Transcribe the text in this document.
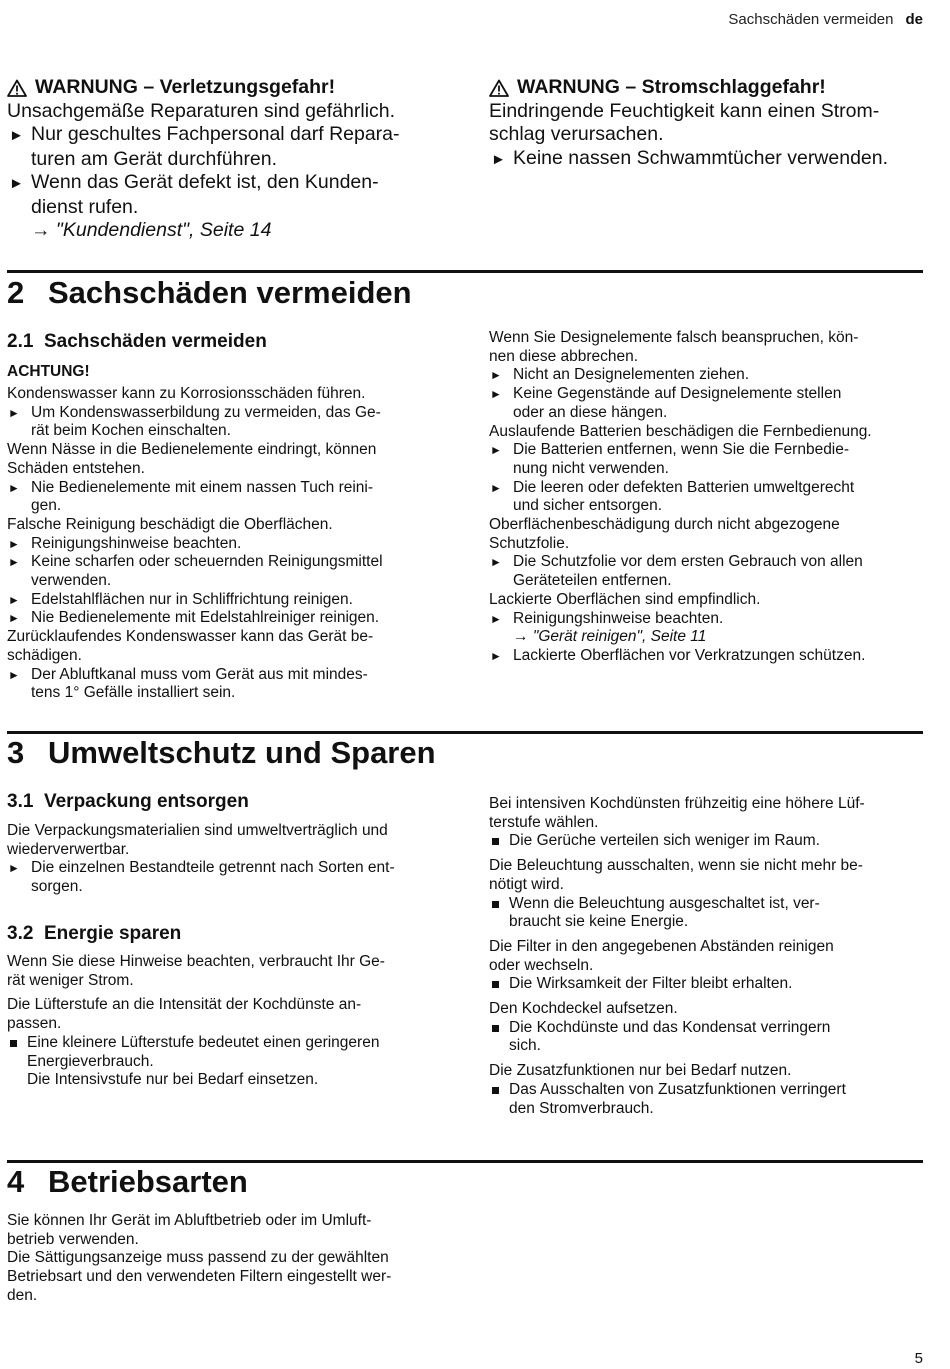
Sachschäden vermeiden de
WARNUNG – Verletzungsgefahr!

Unsachgemäße Reparaturen sind gefährlich.

► Nur geschultes Fachpersonal darf Repara-

turen am Gerät durchführen.

► Wenn das Gerät defekt ist, den Kunden-

dienst rufen.

→ "Kundendienst", Seite 14

WARNUNG – Stromschlaggefahr!

Eindringende Feuchtigkeit kann einen Strom-

schlag verursachen.

► Keine nassen Schwammtücher verwenden.

2 Sachschäden vermeiden
2.1 Sachschäden vermeiden
ACHTUNG!
Kondenswasser kann zu Korrosionsschäden führen.
► Um Kondenswasserbildung zu vermeiden, das Ge-
rät beim Kochen einschalten.
Wenn Nässe in die Bedienelemente eindringt, können
Schäden entstehen.
► Nie Bedienelemente mit einem nassen Tuch reini-
gen.
Falsche Reinigung beschädigt die Oberflächen.
► Reinigungshinweise beachten.
► Keine scharfen oder scheuernden Reinigungsmittel
verwenden.
► Edelstahlflächen nur in Schliffrichtung reinigen.
► Nie Bedienelemente mit Edelstahlreiniger reinigen.
Zurücklaufendes Kondenswasser kann das Gerät be-
schädigen.
► Der Abluftkanal muss vom Gerät aus mit mindes-
tens 1° Gefälle installiert sein.
Wenn Sie Designelemente falsch beanspruchen, kön-
nen diese abbrechen.
► Nicht an Designelementen ziehen.
► Keine Gegenstände auf Designelemente stellen
oder an diese hängen.
Auslaufende Batterien beschädigen die Fernbedienung.
► Die Batterien entfernen, wenn Sie die Fernbedie-
nung nicht verwenden.
► Die leeren oder defekten Batterien umweltgerecht
und sicher entsorgen.
Oberflächenbeschädigung durch nicht abgezogene
Schutzfolie.
► Die Schutzfolie vor dem ersten Gebrauch von allen
Geräteteilen entfernen.
Lackierte Oberflächen sind empfindlich.
► Reinigungshinweise beachten.
→ "Gerät reinigen", Seite 11
► Lackierte Oberflächen vor Verkratzungen schützen.
3 Umweltschutz und Sparen
3.1 Verpackung entsorgen
Die Verpackungsmaterialien sind umweltverträglich und
wiederverwertbar.
► Die einzelnen Bestandteile getrennt nach Sorten ent-
sorgen.
3.2 Energie sparen
Wenn Sie diese Hinweise beachten, verbraucht Ihr Ge-
rät weniger Strom.
Die Lüfterstufe an die Intensität der Kochdünste an-
passen.
Eine kleinere Lüfterstufe bedeutet einen geringeren
Energieverbrauch.
Die Intensivstufe nur bei Bedarf einsetzen.
Bei intensiven Kochdünsten frühzeitig eine höhere Lüf-
terstufe wählen.
Die Gerüche verteilen sich weniger im Raum.
Die Beleuchtung ausschalten, wenn sie nicht mehr be-
nötigt wird.
Wenn die Beleuchtung ausgeschaltet ist, ver-
braucht sie keine Energie.
Die Filter in den angegebenen Abständen reinigen
oder wechseln.
Die Wirksamkeit der Filter bleibt erhalten.
Den Kochdeckel aufsetzen.
Die Kochdünste und das Kondensat verringern
sich.
Die Zusatzfunktionen nur bei Bedarf nutzen.
Das Ausschalten von Zusatzfunktionen verringert
den Stromverbrauch.
4 Betriebsarten
Sie können Ihr Gerät im Abluftbetrieb oder im Umluft-
betrieb verwenden.
Die Sättigungsanzeige muss passend zu der gewählten
Betriebsart und den verwendeten Filtern eingestellt wer-
den.
5
